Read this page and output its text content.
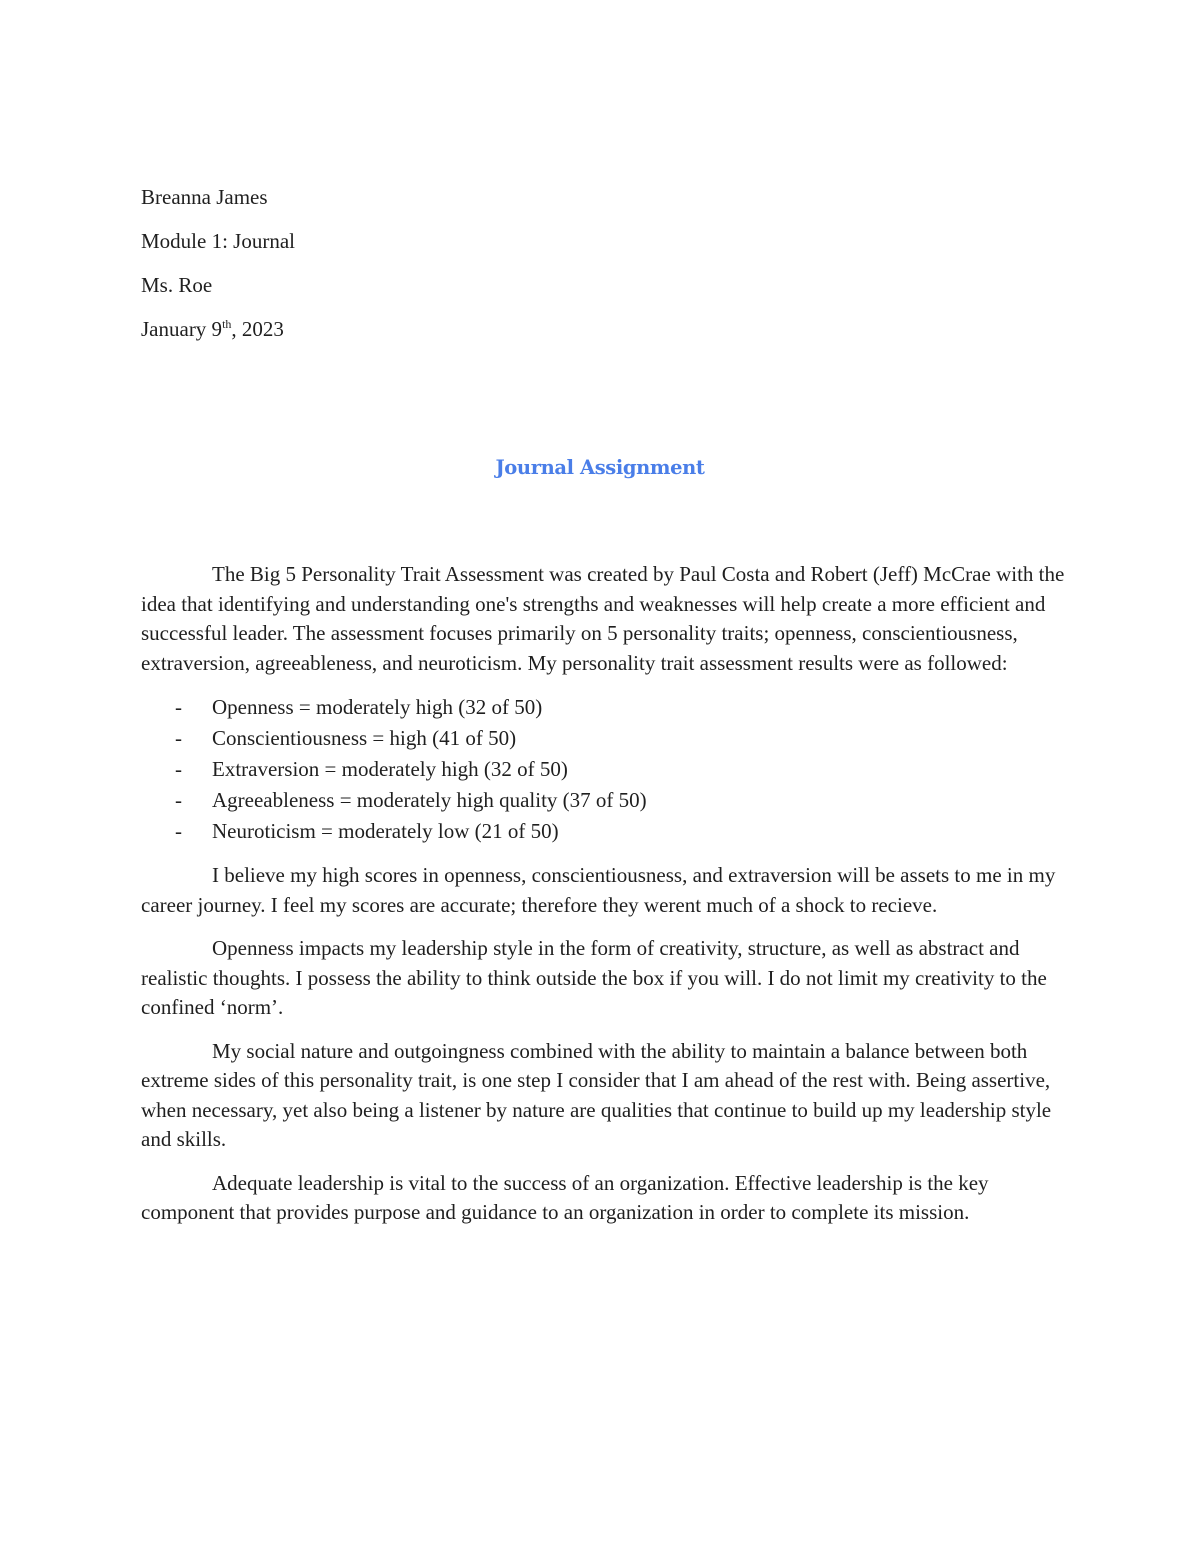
Breanna James
Module 1: Journal
Ms. Roe
January 9th, 2023
Journal Assignment

The Big 5 Personality Trait Assessment was created by Paul Costa and Robert (Jeff) McCrae with the idea that identifying and understanding one's strengths and weaknesses will help create a more efficient and successful leader. The assessment focuses primarily on 5 personality traits; openness, conscientiousness, extraversion, agreeableness, and neuroticism. My personality trait assessment results were as followed:

- Openness = moderately high (32 of 50)
- Conscientiousness = high (41 of 50)
- Extraversion = moderately high (32 of 50)
- Agreeableness = moderately high quality (37 of 50)
- Neuroticism = moderately low (21 of 50)

I believe my high scores in openness, conscientiousness, and extraversion will be assets to me in my career journey. I feel my scores are accurate; therefore they werent much of a shock to recieve.

Openness impacts my leadership style in the form of creativity, structure, as well as abstract and realistic thoughts. I possess the ability to think outside the box if you will. I do not limit my creativity to the confined ‘norm’.

My social nature and outgoingness combined with the ability to maintain a balance between both extreme sides of this personality trait, is one step I consider that I am ahead of the rest with. Being assertive, when necessary, yet also being a listener by nature are qualities that continue to build up my leadership style and skills.

Adequate leadership is vital to the success of an organization. Effective leadership is the key component that provides purpose and guidance to an organization in order to complete its mission.
